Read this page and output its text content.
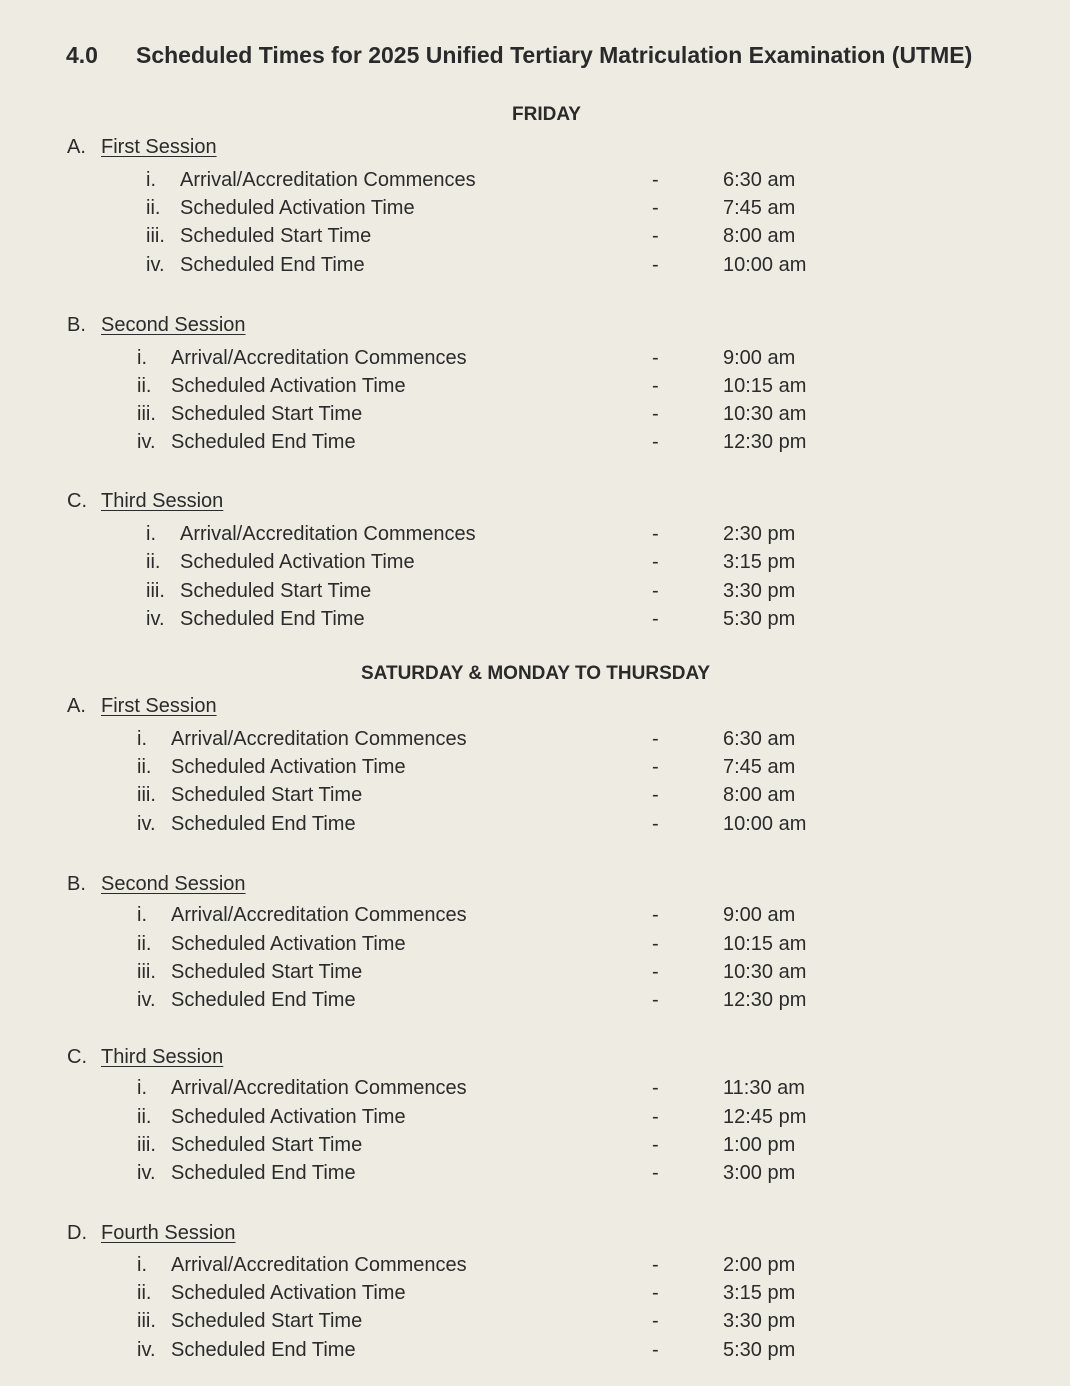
4.0 Scheduled Times for 2025 Unified Tertiary Matriculation Examination (UTME)
FRIDAY
A. First Session
i. Arrival/Accreditation Commences	-	6:30 am
ii. Scheduled Activation Time	-	7:45 am
iii. Scheduled Start Time	-	8:00 am
iv. Scheduled End Time	-	10:00 am
B. Second Session
i. Arrival/Accreditation Commences	-	9:00 am
ii. Scheduled Activation Time	-	10:15 am
iii. Scheduled Start Time	-	10:30 am
iv. Scheduled End Time	-	12:30 pm
C. Third Session
i. Arrival/Accreditation Commences	-	2:30 pm
ii. Scheduled Activation Time	-	3:15 pm
iii. Scheduled Start Time	-	3:30 pm
iv. Scheduled End Time	-	5:30 pm
SATURDAY & MONDAY TO THURSDAY
A. First Session
i. Arrival/Accreditation Commences	-	6:30 am
ii. Scheduled Activation Time	-	7:45 am
iii. Scheduled Start Time	-	8:00 am
iv. Scheduled End Time	-	10:00 am
B. Second Session
i. Arrival/Accreditation Commences	-	9:00 am
ii. Scheduled Activation Time	-	10:15 am
iii. Scheduled Start Time	-	10:30 am
iv. Scheduled End Time	-	12:30 pm
C. Third Session
i. Arrival/Accreditation Commences	-	11:30 am
ii. Scheduled Activation Time	-	12:45 pm
iii. Scheduled Start Time	-	1:00 pm
iv. Scheduled End Time	-	3:00 pm
D. Fourth Session
i. Arrival/Accreditation Commences	-	2:00 pm
ii. Scheduled Activation Time	-	3:15 pm
iii. Scheduled Start Time	-	3:30 pm
iv. Scheduled End Time	-	5:30 pm
